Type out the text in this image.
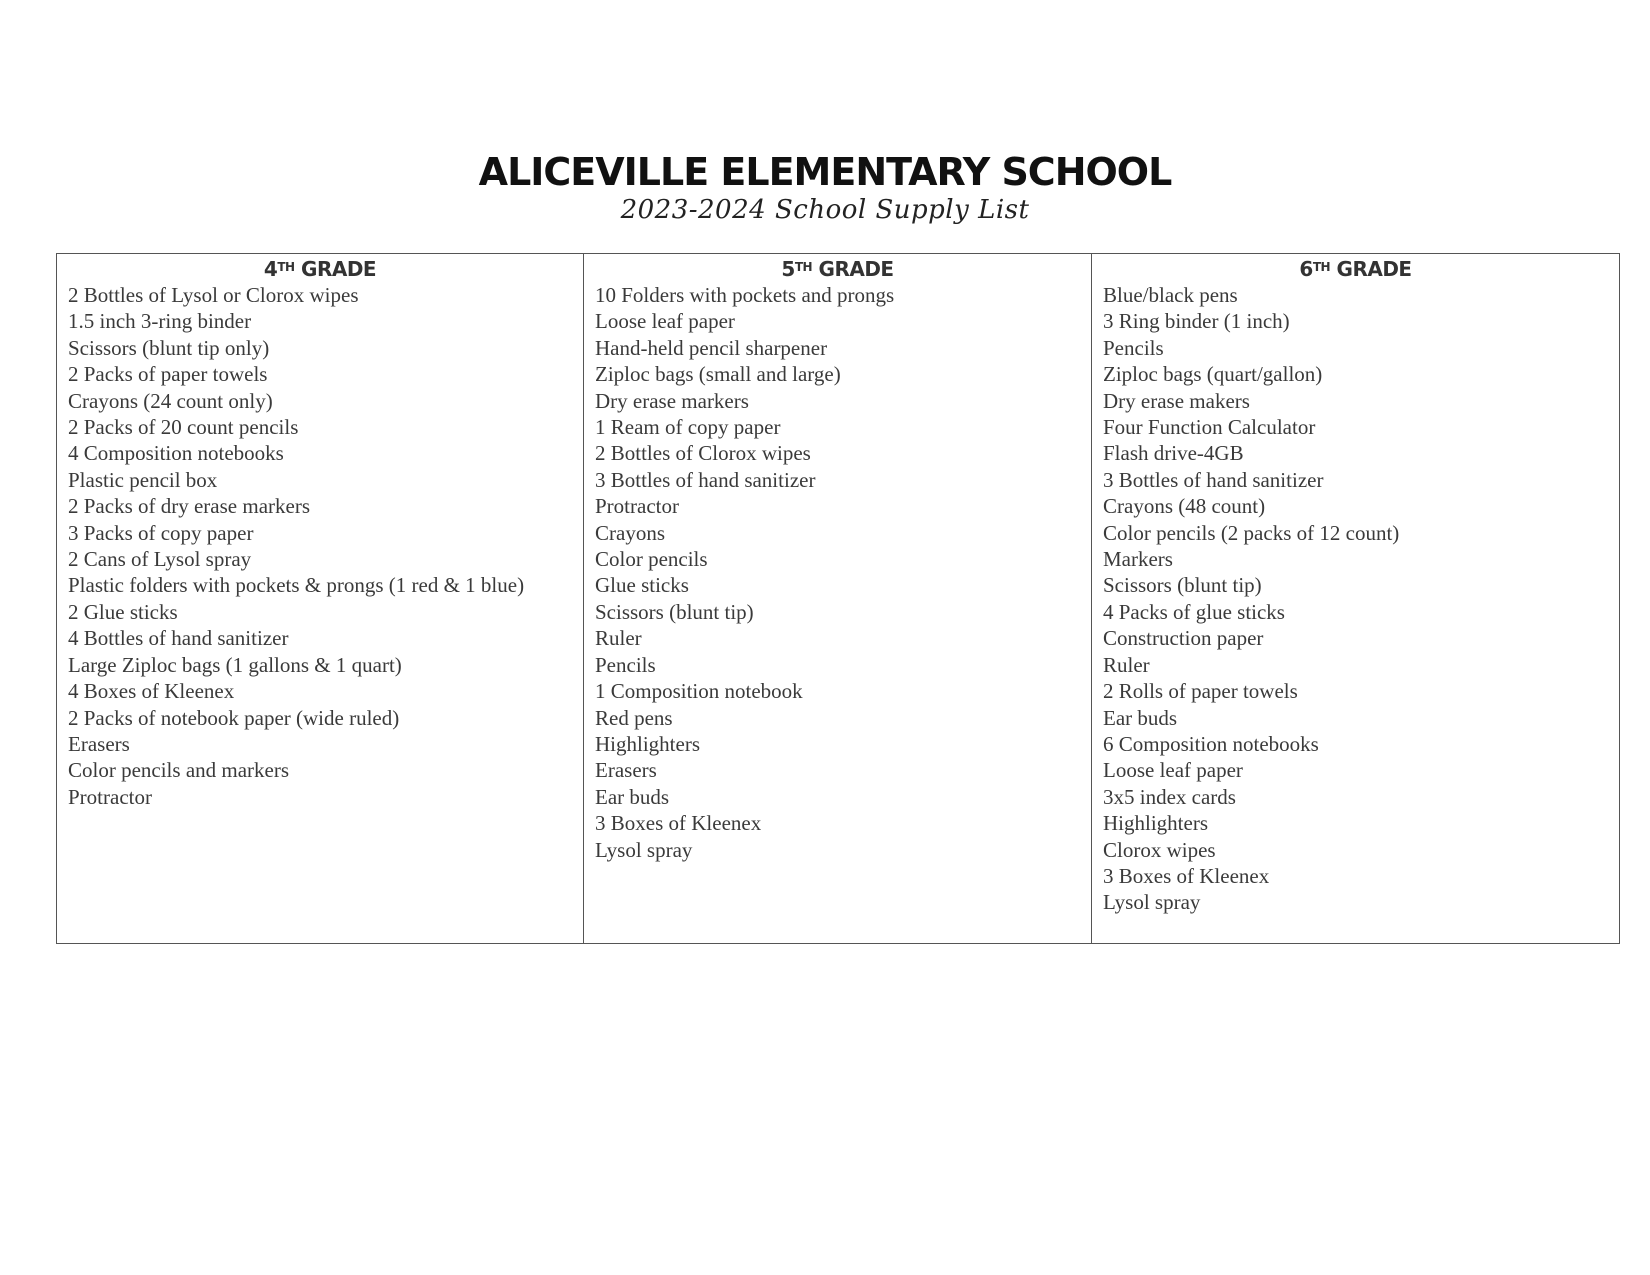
ALICEVILLE ELEMENTARY SCHOOL

2023-2024 School Supply List

4TH GRADE
2 Bottles of Lysol or Clorox wipes
1.5 inch 3-ring binder
Scissors (blunt tip only)
2 Packs of paper towels
Crayons (24 count only)
2 Packs of 20 count pencils
4 Composition notebooks
Plastic pencil box
2 Packs of dry erase markers
3 Packs of copy paper
2 Cans of Lysol spray
Plastic folders with pockets & prongs (1 red & 1 blue)
2 Glue sticks
4 Bottles of hand sanitizer
Large Ziploc bags (1 gallons & 1 quart)
4 Boxes of Kleenex
2 Packs of notebook paper (wide ruled)
Erasers
Color pencils and markers
Protractor

5TH GRADE
10 Folders with pockets and prongs
Loose leaf paper
Hand-held pencil sharpener
Ziploc bags (small and large)
Dry erase markers
1 Ream of copy paper
2 Bottles of Clorox wipes
3 Bottles of hand sanitizer
Protractor
Crayons
Color pencils
Glue sticks
Scissors (blunt tip)
Ruler
Pencils
1 Composition notebook
Red pens
Highlighters
Erasers
Ear buds
3 Boxes of Kleenex
Lysol spray

6TH GRADE
Blue/black pens
3 Ring binder (1 inch)
Pencils
Ziploc bags (quart/gallon)
Dry erase makers
Four Function Calculator
Flash drive-4GB
3 Bottles of hand sanitizer
Crayons (48 count)
Color pencils (2 packs of 12 count)
Markers
Scissors (blunt tip)
4 Packs of glue sticks
Construction paper
Ruler
2 Rolls of paper towels
Ear buds
6 Composition notebooks
Loose leaf paper
3x5 index cards
Highlighters
Clorox wipes
3 Boxes of Kleenex
Lysol spray
